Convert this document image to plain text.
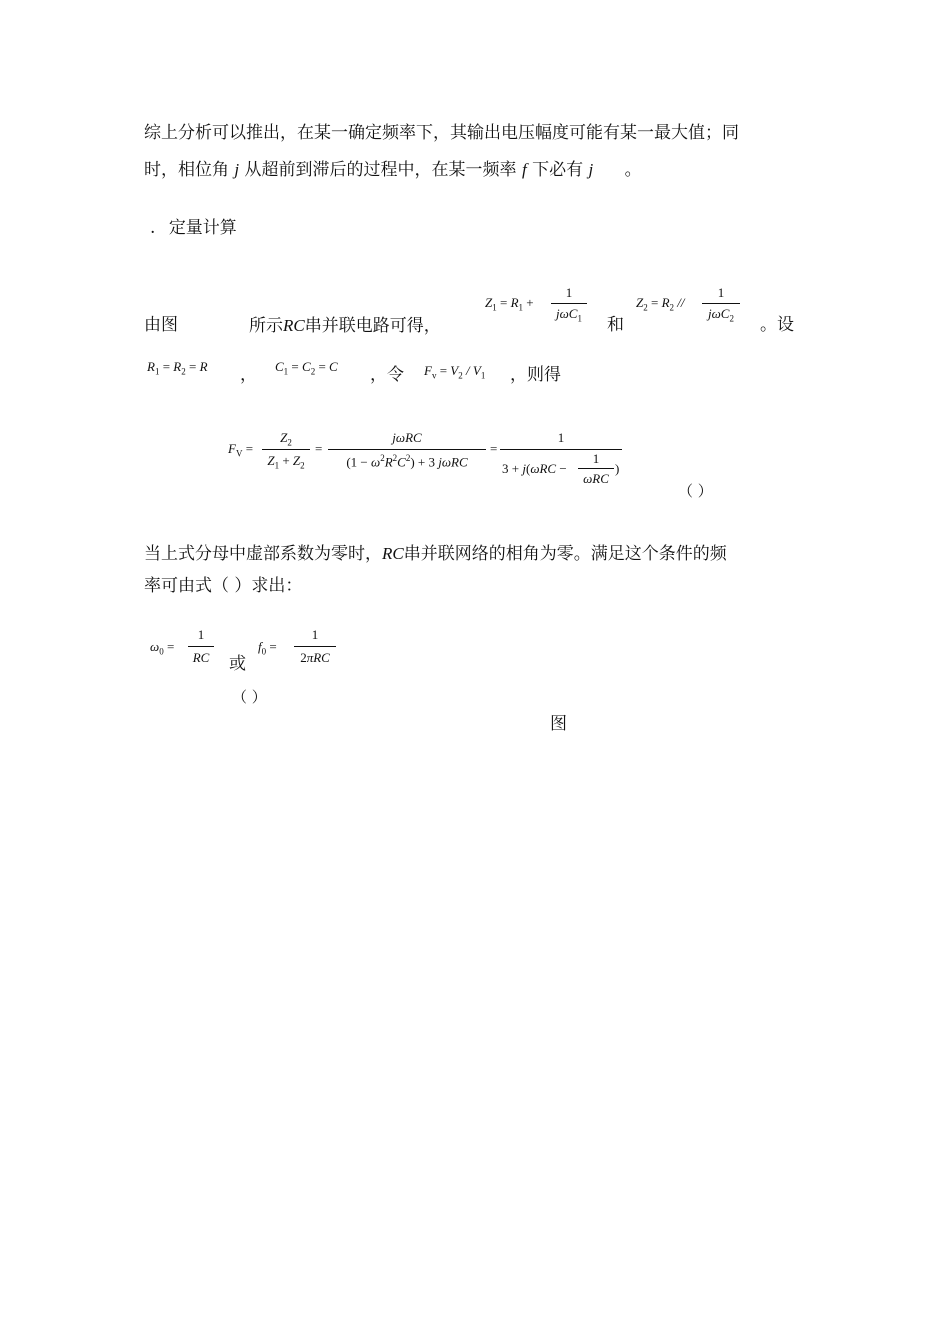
综上分析可以推出，在某一确定频率下，其输出电压幅度可能有某一最大值；同
时，相位角 j 从超前到滞后的过程中，在某一频率 f 下必有 j 。
. 定量计算
由图	所示RC串并联电路可得，
$Z_1 = R_1$ +
1
jωC$_1$	和
$Z_2 = R_2$ //
1
jωC$_2$	。设
$R_1 = R_2 = R$ ， $C_1 = C_2 = C$ ，令 $F_v = V_2 / V_1$ ，则得
$F_V$ =
$Z_2$
$Z_1 + Z_2$
=
jωRC
$(1 - \omega^2R^2C^2) + 3$ jωRC
=
1
3 + j(ωRC −
1
ωRC
)
（ ）
当上式分母中虚部系数为零时，RC串并联网络的相角为零。满足这个条件的频
率可由式（ ）求出：
$\omega_0$ =
1
RC	或
$f_0$ =
1
2πRC
（ ）
图
